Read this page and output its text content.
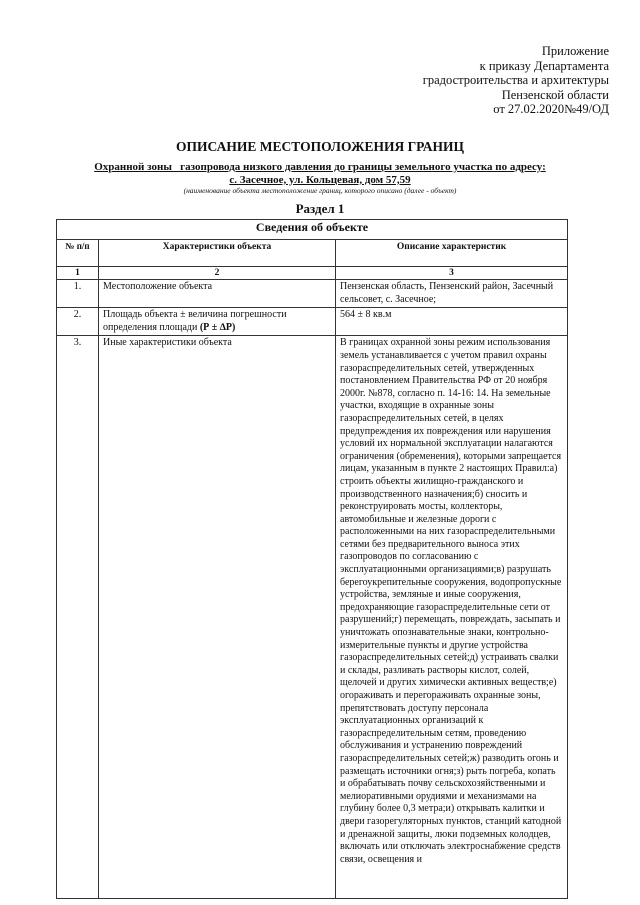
Приложение
к приказу Департамента
градостроительства и архитектуры
Пензенской области
от 27.02.2020№49/ОД
ОПИСАНИЕ МЕСТОПОЛОЖЕНИЯ ГРАНИЦ
Охранной зоны   газопровода низкого давления до границы земельного участка по адресу:
с. Засечное, ул. Кольцевая, дом 57,59
(наименование объекта местоположение границ, которого описано (далее - объект)
Раздел 1
Сведения об объекте		
№ п/п	Характеристики объекта	Описание характеристик
1	2	3
1.	Местоположение объекта	Пензенская область, Пензенский район, Засечный сельсовет, с. Засечное;
2.	Площадь объекта ± величина погрешности определения площади (Р ± ∆Р)	564 ± 8 кв.м
3.	Иные характеристики объекта	В границах охранной зоны режим использования земель устанавливается с учетом правил охраны газораспределительных сетей, утвержденных постановлением Правительства РФ от 20 ноября 2000г. №878, согласно п. 14-16: 14. На земельные участки, входящие в охранные зоны газораспределительных сетей, в целях предупреждения их повреждения или нарушения условий их нормальной эксплуатации налагаются ограничения (обременения), которыми запрещается лицам, указанным в пункте 2 настоящих Правил:а) строить объекты жилищно-гражданского и производственного назначения;б) сносить и реконструировать мосты, коллекторы, автомобильные и железные дороги с расположенными на них газораспределительными сетями без предварительного выноса этих газопроводов по согласованию с эксплуатационными организациями;в) разрушать берегоукрепительные сооружения, водопропускные устройства, земляные и иные сооружения, предохраняющие газораспределительные сети от разрушений;г) перемещать, повреждать, засыпать и уничтожать опознавательные знаки, контрольно-измерительные пункты и другие устройства газораспределительных сетей;д) устраивать свалки и склады, разливать растворы кислот, солей, щелочей и других химически активных веществ;е) огораживать и перегораживать охранные зоны, препятствовать доступу персонала эксплуатационных организаций к газораспределительным сетям, проведению обслуживания и устранению повреждений газораспределительных сетей;ж) разводить огонь и размещать источники огня;з) рыть погреба, копать и обрабатывать почву сельскохозяйственными и мелиоративными орудиями и механизмами на глубину более 0,3 метра;и) открывать калитки и двери газорегуляторных пунктов, станций катодной и дренажной защиты, люки подземных колодцев, включать или отключать электроснабжение средств связи, освещения и
